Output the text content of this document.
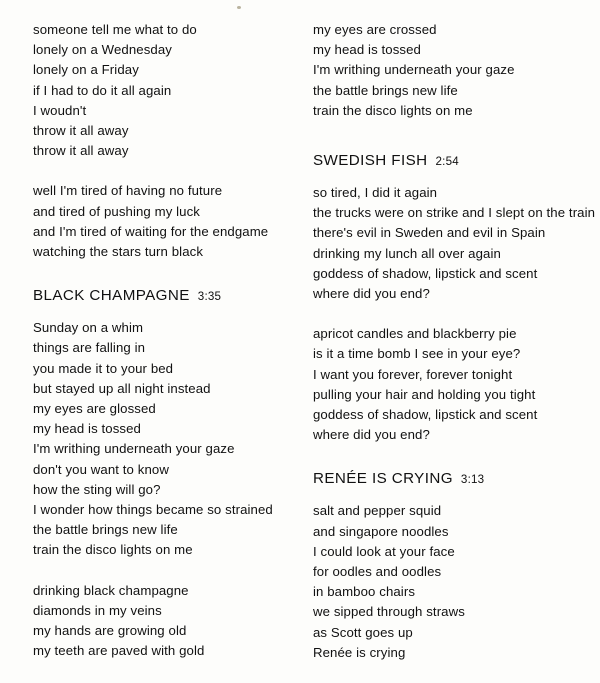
someone tell me what to do
lonely on a Wednesday
lonely on a Friday
if I had to do it all again
I woudn't
throw it all away
throw it all away
well I'm tired of having no future
and tired of pushing my luck
and I'm tired of waiting for the endgame
watching the stars turn black
BLACK CHAMPAGNE 3:35
Sunday on a whim
things are falling in
you made it to your bed
but stayed up all night instead
my eyes are glossed
my head is tossed
I'm writhing underneath your gaze
don't you want to know
how the sting will go?
I wonder how things became so strained
the battle brings new life
train the disco lights on me
drinking black champagne
diamonds in my veins
my hands are growing old
my teeth are paved with gold
my eyes are crossed
my head is tossed
I'm writhing underneath your gaze
the battle brings new life
train the disco lights on me
SWEDISH FISH 2:54
so tired, I did it again
the trucks were on strike and I slept on the train
there's evil in Sweden and evil in Spain
drinking my lunch all over again
goddess of shadow, lipstick and scent
where did you end?
apricot candles and blackberry pie
is it a time bomb I see in your eye?
I want you forever, forever tonight
pulling your hair and holding you tight
goddess of shadow, lipstick and scent
where did you end?
RENÉE IS CRYING 3:13
salt and pepper squid
and singapore noodles
I could look at your face
for oodles and oodles
in bamboo chairs
we sipped through straws
as Scott goes up
Renée is crying
